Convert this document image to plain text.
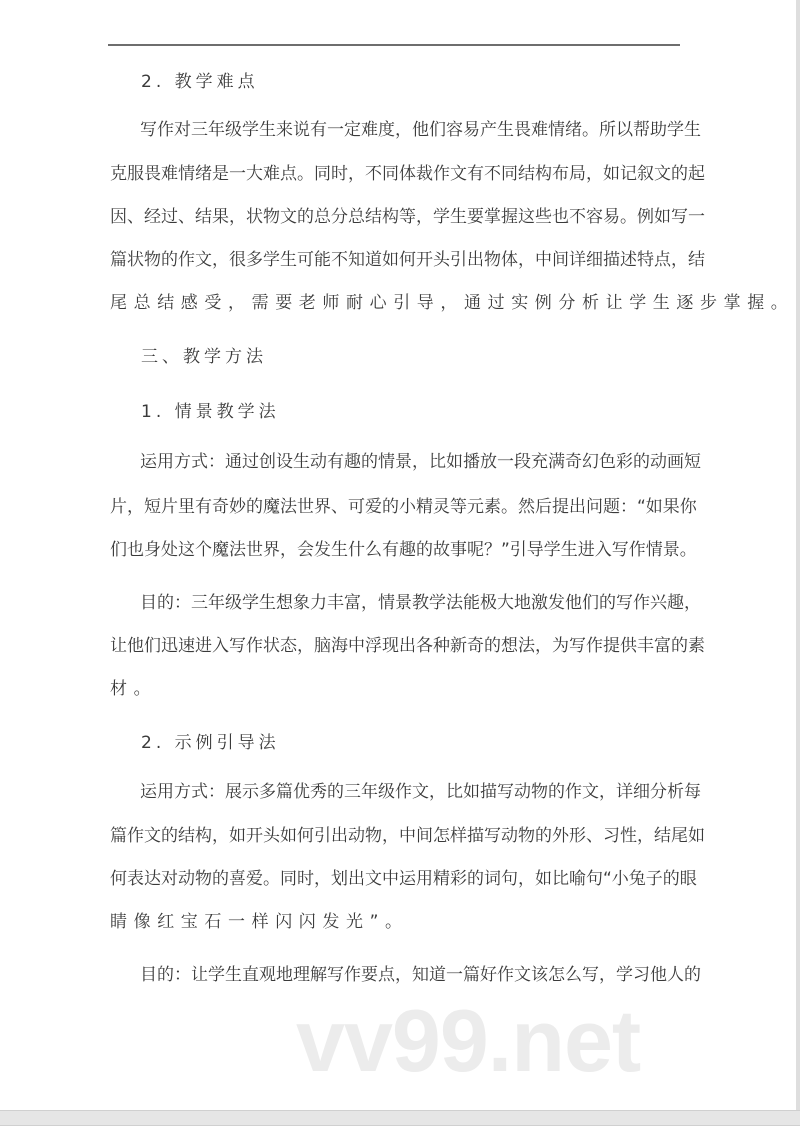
2. 教学难点
写作对三年级学生来说有一定难度，他们容易产生畏难情绪。所以帮助学生
克服畏难情绪是一大难点。同时，不同体裁作文有不同结构布局，如记叙文的起
因、经过、结果，状物文的总分总结构等，学生要掌握这些也不容易。例如写一
篇状物的作文，很多学生可能不知道如何开头引出物体，中间详细描述特点，结
尾总结感受，需要老师耐心引导，通过实例分析让学生逐步掌握。
三、教学方法
1. 情景教学法
运用方式：通过创设生动有趣的情景，比如播放一段充满奇幻色彩的动画短
片，短片里有奇妙的魔法世界、可爱的小精灵等元素。然后提出问题：“如果你
们也身处这个魔法世界，会发生什么有趣的故事呢？”引导学生进入写作情景。
目的：三年级学生想象力丰富，情景教学法能极大地激发他们的写作兴趣，
让他们迅速进入写作状态，脑海中浮现出各种新奇的想法，为写作提供丰富的素
材。
2. 示例引导法
运用方式：展示多篇优秀的三年级作文，比如描写动物的作文，详细分析每
篇作文的结构，如开头如何引出动物，中间怎样描写动物的外形、习性，结尾如
何表达对动物的喜爱。同时，划出文中运用精彩的词句，如比喻句“小兔子的眼
睛像红宝石一样闪闪发光”。
目的：让学生直观地理解写作要点，知道一篇好作文该怎么写，学习他人的
vv99.net
